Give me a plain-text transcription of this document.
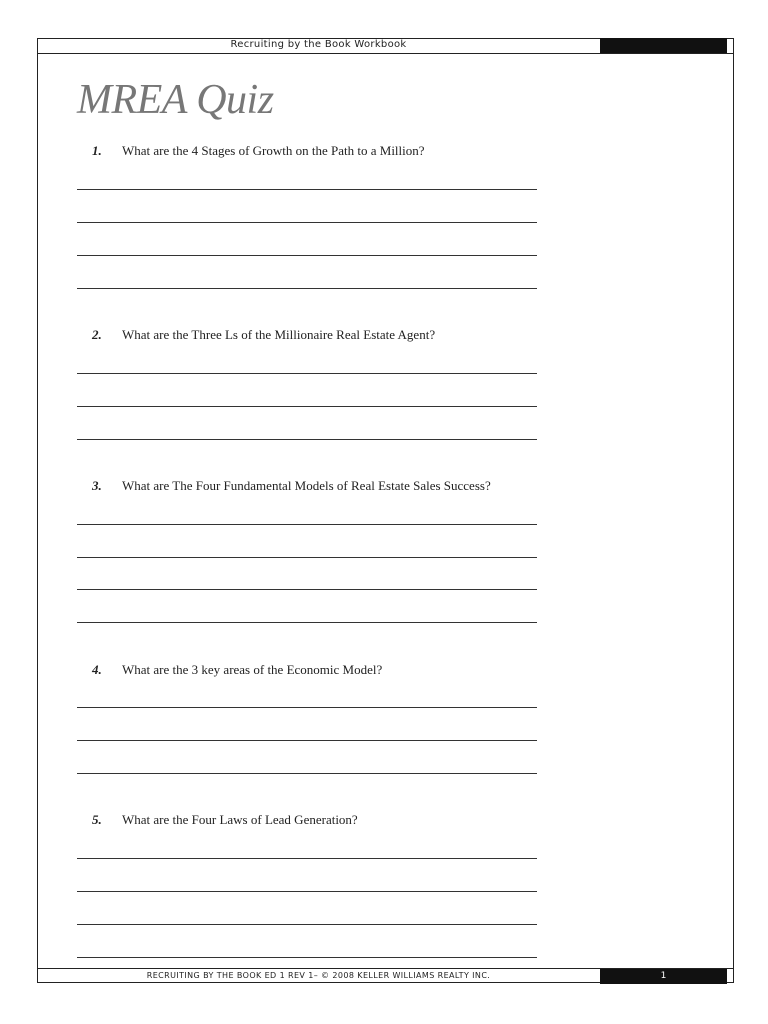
Recruiting by the Book Workbook
MREA Quiz
1. What are the 4 Stages of Growth on the Path to a Million?
2. What are the Three Ls of the Millionaire Real Estate Agent?
3. What are The Four Fundamental Models of Real Estate Sales Success?
4. What are the 3 key areas of the Economic Model?
5. What are the Four Laws of Lead Generation?
RECRUITING BY THE BOOK ED 1 REV 1– © 2008 KELLER WILLIAMS REALTY INC.	1
